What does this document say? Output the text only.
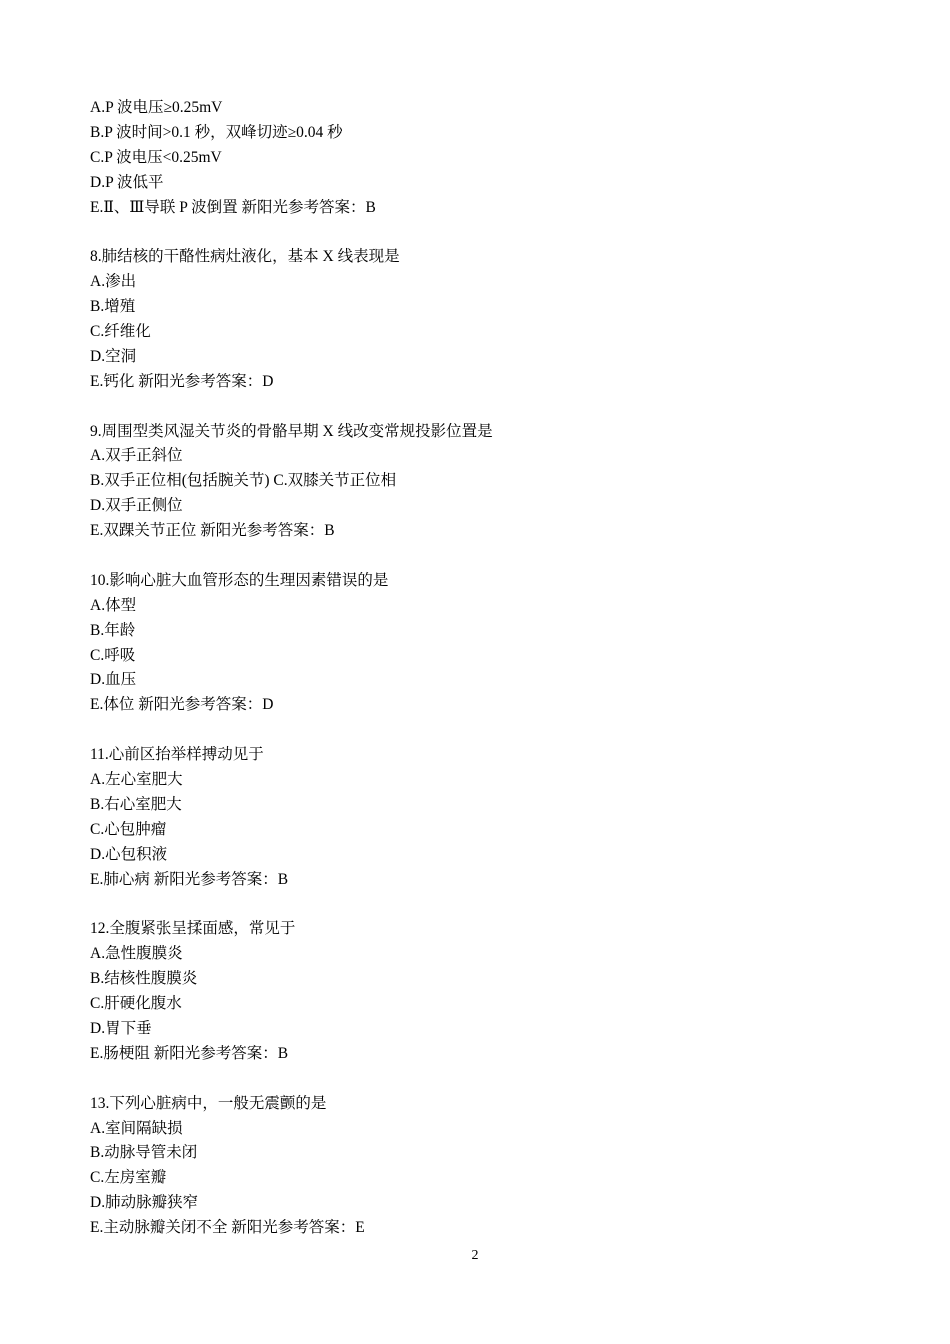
A.P 波电压≥0.25mV
B.P 波时间>0.1 秒，双峰切迹≥0.04 秒
C.P 波电压<0.25mV
D.P 波低平
E.Ⅱ、Ⅲ导联 P 波倒置 新阳光参考答案：B
8.肺结核的干酪性病灶液化，基本 X 线表现是
A.渗出
B.增殖
C.纤维化
D.空洞
E.钙化 新阳光参考答案：D
9.周围型类风湿关节炎的骨骼早期 X 线改变常规投影位置是
A.双手正斜位
B.双手正位相(包括腕关节) C.双膝关节正位相
D.双手正侧位
E.双踝关节正位 新阳光参考答案：B
10.影响心脏大血管形态的生理因素错误的是
A.体型
B.年龄
C.呼吸
D.血压
E.体位 新阳光参考答案：D
11.心前区抬举样搏动见于
A.左心室肥大
B.右心室肥大
C.心包肿瘤
D.心包积液
E.肺心病 新阳光参考答案：B
12.全腹紧张呈揉面感，常见于
A.急性腹膜炎
B.结核性腹膜炎
C.肝硬化腹水
D.胃下垂
E.肠梗阻 新阳光参考答案：B
13.下列心脏病中，一般无震颤的是
A.室间隔缺损
B.动脉导管未闭
C.左房室瓣
D.肺动脉瓣狭窄
E.主动脉瓣关闭不全 新阳光参考答案：E
2
